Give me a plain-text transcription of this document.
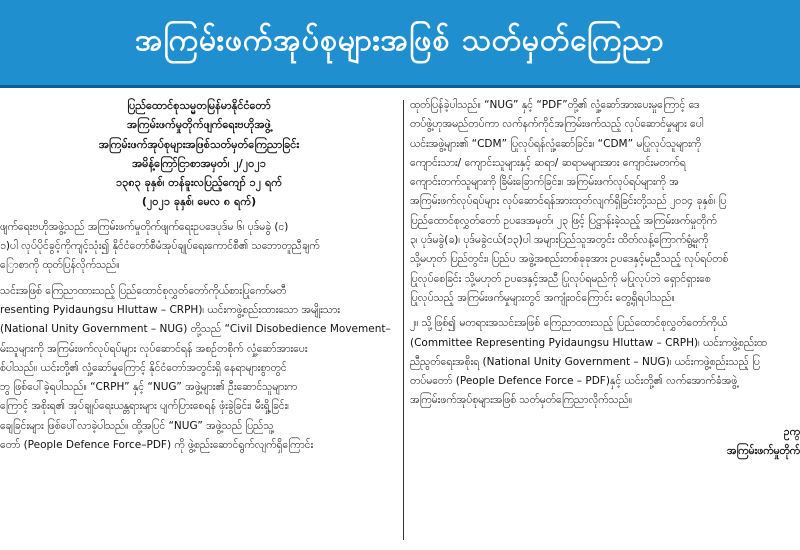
အကြမ်းဖက်အုပ်စုများအဖြစ် သတ်မှတ်ကြေညာ
ပြည်ထောင်စုသမ္မတမြန်မာနိုင်ငံတော်
အကြမ်းဖက်မှုတိုက်ဖျက်ရေးဗဟိုအဖွဲ့
အကြမ်းဖက်အုပ်စုများအဖြစ်သတ်မှတ်ကြေညာခြင်း
အမိန့်ကြော်ငြာစာအမှတ်၊ ၂/၂၀၂၁
၁၃၈၃ ခုနှစ်၊ တန်ခူးလပြည့်ကျော် ၁၂ ရက်
(၂၀၂၁ ခုနှစ်၊ မေလ ၈ ရက်)

ဖျက်ရေးဗဟိုအဖွဲ့သည် အကြမ်းဖက်မှုတိုက်ဖျက်ရေးဥပဒေပုဒ်မ ၆၊ ပုဒ်မခွဲ (င)

၁)ပါ လုပ်ပိုင်ခွင့်ကိုကျင့်သုံး၍ နိုင်ငံတော်စီမံအုပ်ချုပ်ရေးကောင်စီ၏ သဘောတူညီချက်

ြောစာကို ထုတ်ပြန်လိုက်သည်။

သင်းအဖြစ် ကြေညာထားသည့် ပြည်ထောင်စုလွှတ်တော်ကိုယ်စားပြုကော်မတီ

resenting Pyidaungsu Hluttaw – CRPH)၊ ယင်းကဖွဲ့စည်းထားသော အမျိုးသား

(National Unity Government – NUG) တို့သည် “Civil Disobedience Movement–

မ်းသူများကို အကြမ်းဖက်လုပ်ရပ်များ လုပ်ဆောင်ရန် အစဉ်တစိုက် လှုံ့ဆော်အားပေး

စ်ပါသည်။ ယင်းတို့၏ လှုံ့ဆော်မှုကြောင့် နိုင်ငံတော်အတွင်းရှိ နေရာများစွာတွင်

ဘွ ဖြစ်ပေါ်ခဲ့ရပါသည်။ “CRPH” နှင့် “NUG” အဖွဲ့များ၏ ဦးဆောင်သူများက

ကြောင့် အစိုးရ၏ အုပ်ချုပ်ရေးယန္တရားများ ပျက်ပြားစေရန် ဖုံးခွဲခြင်း၊ မီးရှို့ခြင်း၊

ချေခြင်းများ ဖြစ်ပေါ်လာခဲ့ပါသည်။ ထို့အပြင် “NUG” အဖွဲ့သည် ပြည်သူ့

တော် (People Defence Force–PDF) ကို ဖွဲ့စည်းဆောင်ရွက်လျက်ရှိကြောင်း

ထုတ်ပြန်ခဲ့ပါသည်။ “NUG” နှင့် “PDF”တို့၏ လှုံ့ဆော်အားပေးမှုကြောင့် ဒေ

တပ်ဖွဲ့ဟုအမည်တပ်ကာ လက်နက်ကိုင်အကြမ်းဖက်သည့် လုပ်ဆောင်မှုများ ပေါ

ယင်းအဖွဲ့များ၏ “CDM” ပြုလုပ်ရန်လှုံ့ဆော်ခြင်း။ “CDM” မပြုလုပ်သူများကို

ကျောင်းသား/ ကျောင်းသူများနှင့် ဆရာ/ ဆရာမများအား ကျောင်းမတက်ရ

ကျောင်းတက်သူများကို ခြိမ်းခြောက်ခြင်း။ အကြမ်းဖက်လုပ်ရပ်များကို အ

အကြမ်းဖက်လုပ်ရပ်များ လုပ်ဆောင်ရန်အားထုတ်လျက်ရှိခြင်းတို့သည် ၂၀၁၄ ခုနှစ်၊ ပြ

ပြည်ထောင်စုလွှတ်တော် ဥပဒေအမှတ်၊ ၂၃ ဖြင့် ပြဋ္ဌာန်းခဲ့သည့် အကြမ်းဖက်မှုတိုက်

၃၊ ပုဒ်မခွဲ(ခ)၊ ပုဒ်မခွဲငယ်(၁၃)ပါ အများပြည်သူအတွင်း ထိတ်လန့်ကြောက်ရွံ့မှုကို

သို့မဟုတ် ပြည်တွင်း၊ ပြည်ပ အဖွဲ့အစည်းတစ်ခုခုအား ဥပဒေနှင့်မညီသည့် လုပ်ရပ်တစ်

ပြုလုပ်စေခြင်း သို့မဟုတ် ဥပဒေနှင့်အညီ ပြုလုပ်ရမည်ကို မပြုလုပ်ဘဲ ရှောင်ရှားစေ

ပြုလုပ်သည့် အကြမ်းဖက်မှုများတွင် အကျုံးဝင်ကြောင်း တွေ့ရှိရပါသည်။

၂။ သို့ဖြစ်၍ မတရားအသင်းအဖြစ် ကြေညာထားသည့် ပြည်ထောင်စုလွှတ်တော်ကိုယ်

(Committee Representing Pyidaungsu Hluttaw – CRPH)၊ ယင်းကဖွဲ့စည်းထ

ညီညွတ်ရေးအစိုးရ (National Unity Government – NUG)၊ ယင်းကဖွဲ့စည်းသည့် ပြ

တပ်မတော် (People Defence Force – PDF)နှင့် ယင်းတို့၏ လက်အောက်ခံအဖွဲ့

အကြမ်းဖက်အုပ်စုများအဖြစ် သတ်မှတ်ကြေညာလိုက်သည်။

ဥက္
အကြမ်းဖက်မှုတိုက်
